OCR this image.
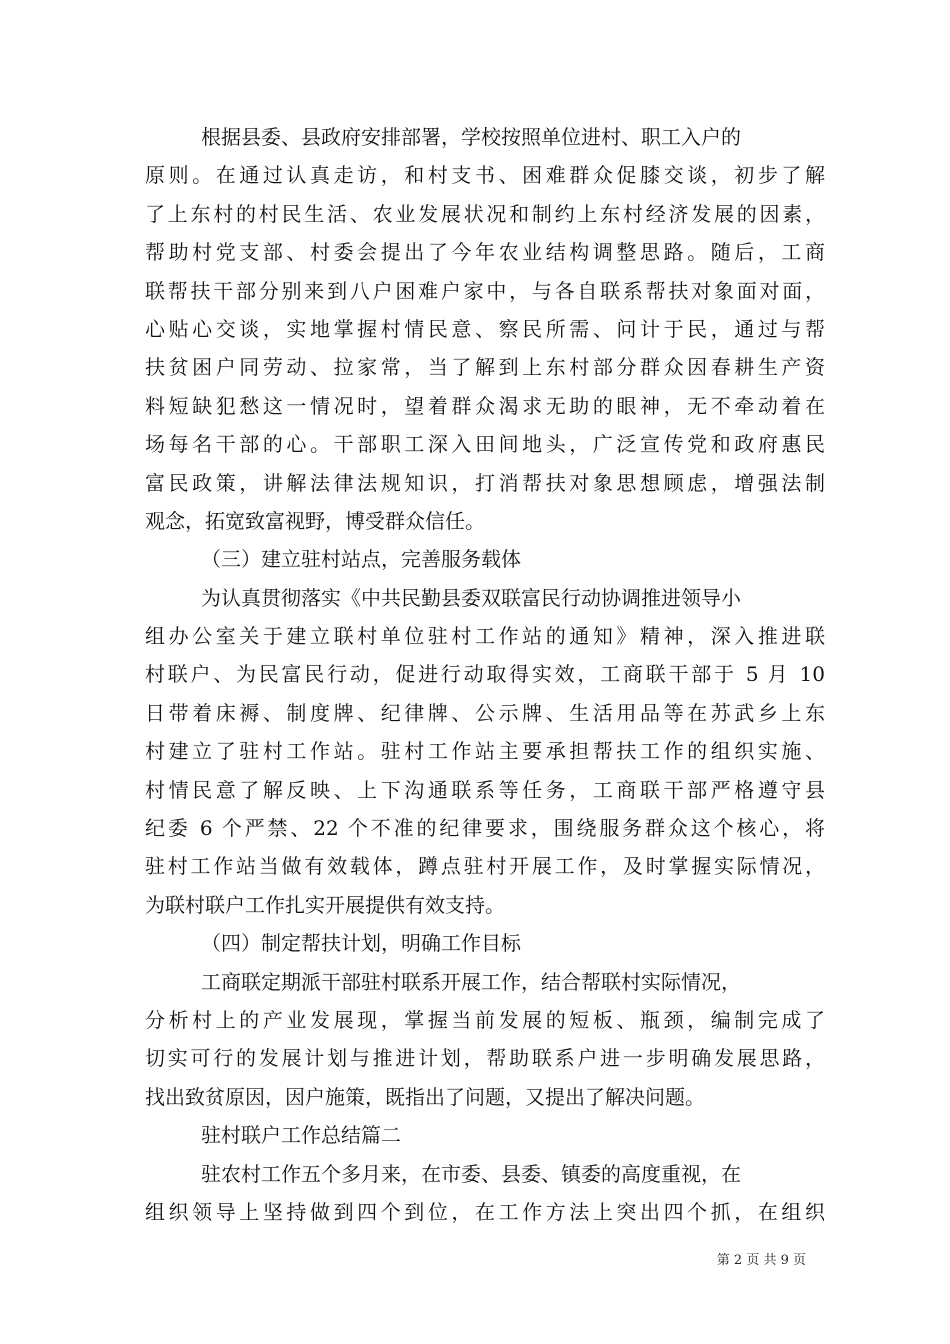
根据县委、县政府安排部署，学校按照单位进村、职工入户的
原则。在通过认真走访，和村支书、困难群众促膝交谈，初步了解
了上东村的村民生活、农业发展状况和制约上东村经济发展的因素，
帮助村党支部、村委会提出了今年农业结构调整思路。随后，工商
联帮扶干部分别来到八户困难户家中，与各自联系帮扶对象面对面，
心贴心交谈，实地掌握村情民意、察民所需、问计于民，通过与帮
扶贫困户同劳动、拉家常，当了解到上东村部分群众因春耕生产资
料短缺犯愁这一情况时，望着群众渴求无助的眼神，无不牵动着在
场每名干部的心。干部职工深入田间地头，广泛宣传党和政府惠民
富民政策，讲解法律法规知识，打消帮扶对象思想顾虑，增强法制
观念，拓宽致富视野，博受群众信任。
（三）建立驻村站点，完善服务载体
为认真贯彻落实《中共民勤县委双联富民行动协调推进领导小
组办公室关于建立联村单位驻村工作站的通知》精神，深入推进联
村联户、为民富民行动，促进行动取得实效，工商联干部于 5 月 10
日带着床褥、制度牌、纪律牌、公示牌、生活用品等在苏武乡上东
村建立了驻村工作站。驻村工作站主要承担帮扶工作的组织实施、
村情民意了解反映、上下沟通联系等任务，工商联干部严格遵守县
纪委 6 个严禁、22 个不准的纪律要求，围绕服务群众这个核心，将
驻村工作站当做有效载体，蹲点驻村开展工作，及时掌握实际情况，
为联村联户工作扎实开展提供有效支持。
（四）制定帮扶计划，明确工作目标
工商联定期派干部驻村联系开展工作，结合帮联村实际情况，
分析村上的产业发展现，掌握当前发展的短板、瓶颈，编制完成了
切实可行的发展计划与推进计划，帮助联系户进一步明确发展思路，
找出致贫原因，因户施策，既指出了问题，又提出了解决问题。
驻村联户工作总结篇二
驻农村工作五个多月来，在市委、县委、镇委的高度重视，在
组织领导上坚持做到四个到位，在工作方法上突出四个抓，在组织
第 2 页 共 9 页
